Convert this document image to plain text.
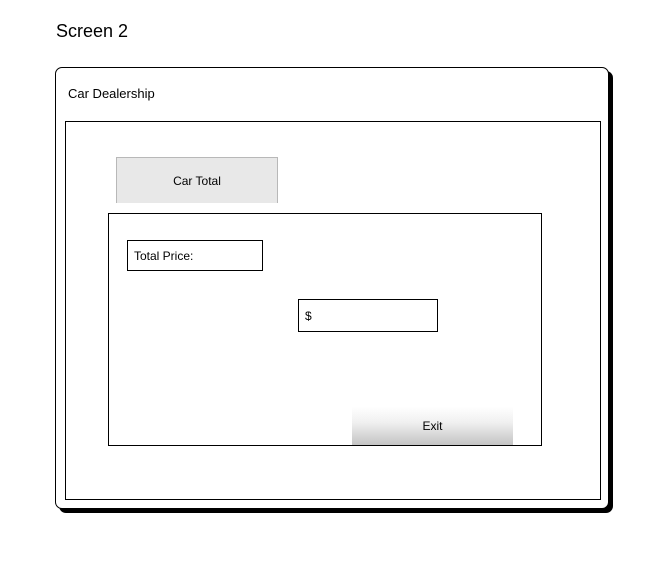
Screen 2
Car Dealership
Car Total
Total Price:
$
Exit
